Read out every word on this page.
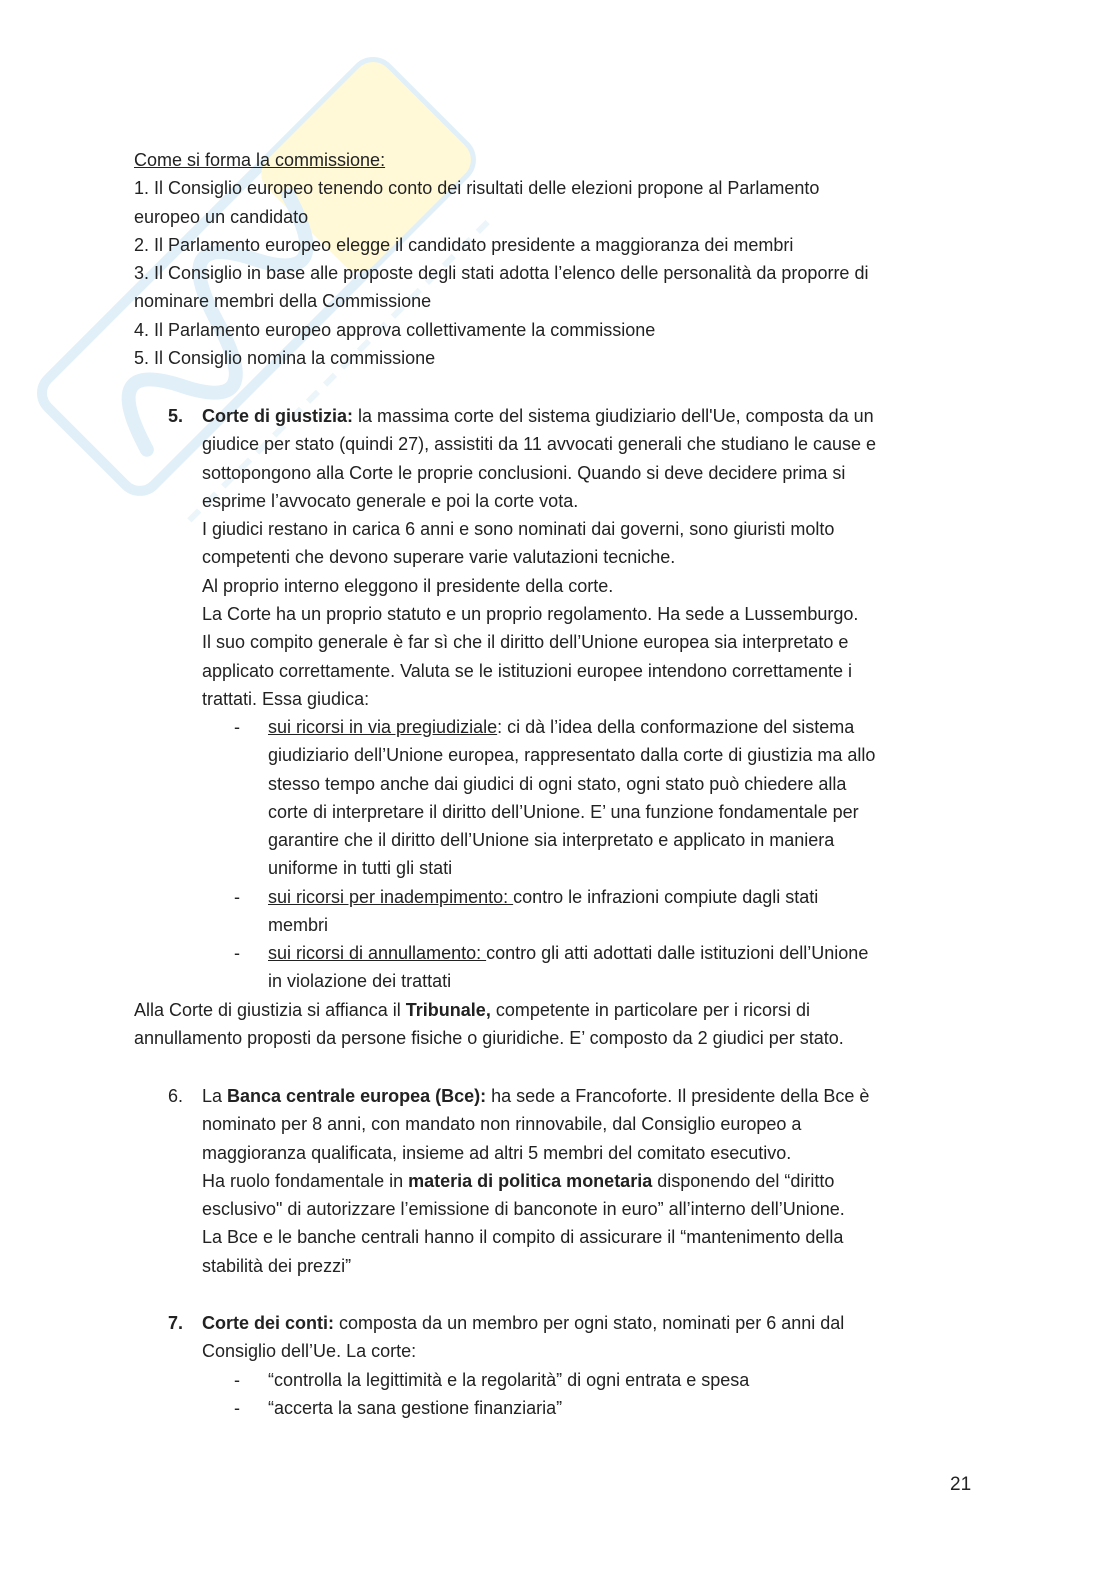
Come si forma la commissione:
1. Il Consiglio europeo tenendo conto dei risultati delle elezioni propone al Parlamento
europeo un candidato
2. Il Parlamento europeo elegge il candidato presidente a maggioranza dei membri
3. Il Consiglio in base alle proposte degli stati adotta l’elenco delle personalità da proporre di
nominare membri della Commissione
4. Il Parlamento europeo approva collettivamente la commissione
5. Il Consiglio nomina la commissione
5. Corte di giustizia: la massima corte del sistema giudiziario dell'Ue, composta da un
giudice per stato (quindi 27), assistiti da 11 avvocati generali che studiano le cause e
sottopongono alla Corte le proprie conclusioni. Quando si deve decidere prima si
esprime l’avvocato generale e poi la corte vota.
I giudici restano in carica 6 anni e sono nominati dai governi, sono giuristi molto
competenti che devono superare varie valutazioni tecniche.
Al proprio interno eleggono il presidente della corte.
La Corte ha un proprio statuto e un proprio regolamento. Ha sede a Lussemburgo.
Il suo compito generale è far sì che il diritto dell’Unione europea sia interpretato e
applicato correttamente. Valuta se le istituzioni europee intendono correttamente i
trattati. Essa giudica:
- sui ricorsi in via pregiudiziale: ci dà l’idea della conformazione del sistema
giudiziario dell’Unione europea, rappresentato dalla corte di giustizia ma allo
stesso tempo anche dai giudici di ogni stato, ogni stato può chiedere alla
corte di interpretare il diritto dell’Unione. E’ una funzione fondamentale per
garantire che il diritto dell’Unione sia interpretato e applicato in maniera
uniforme in tutti gli stati
- sui ricorsi per inadempimento: contro le infrazioni compiute dagli stati
membri
- sui ricorsi di annullamento: contro gli atti adottati dalle istituzioni dell’Unione
in violazione dei trattati
Alla Corte di giustizia si affianca il Tribunale, competente in particolare per i ricorsi di
annullamento proposti da persone fisiche o giuridiche. E’ composto da 2 giudici per stato.
6. La Banca centrale europea (Bce): ha sede a Francoforte. Il presidente della Bce è
nominato per 8 anni, con mandato non rinnovabile, dal Consiglio europeo a
maggioranza qualificata, insieme ad altri 5 membri del comitato esecutivo.
Ha ruolo fondamentale in materia di politica monetaria disponendo del “diritto
esclusivo" di autorizzare l’emissione di banconote in euro” all’interno dell’Unione.
La Bce e le banche centrali hanno il compito di assicurare il “mantenimento della
stabilità dei prezzi”
7. Corte dei conti: composta da un membro per ogni stato, nominati per 6 anni dal
Consiglio dell’Ue. La corte:
- “controlla la legittimità e la regolarità” di ogni entrata e spesa
- “accerta la sana gestione finanziaria”
21
